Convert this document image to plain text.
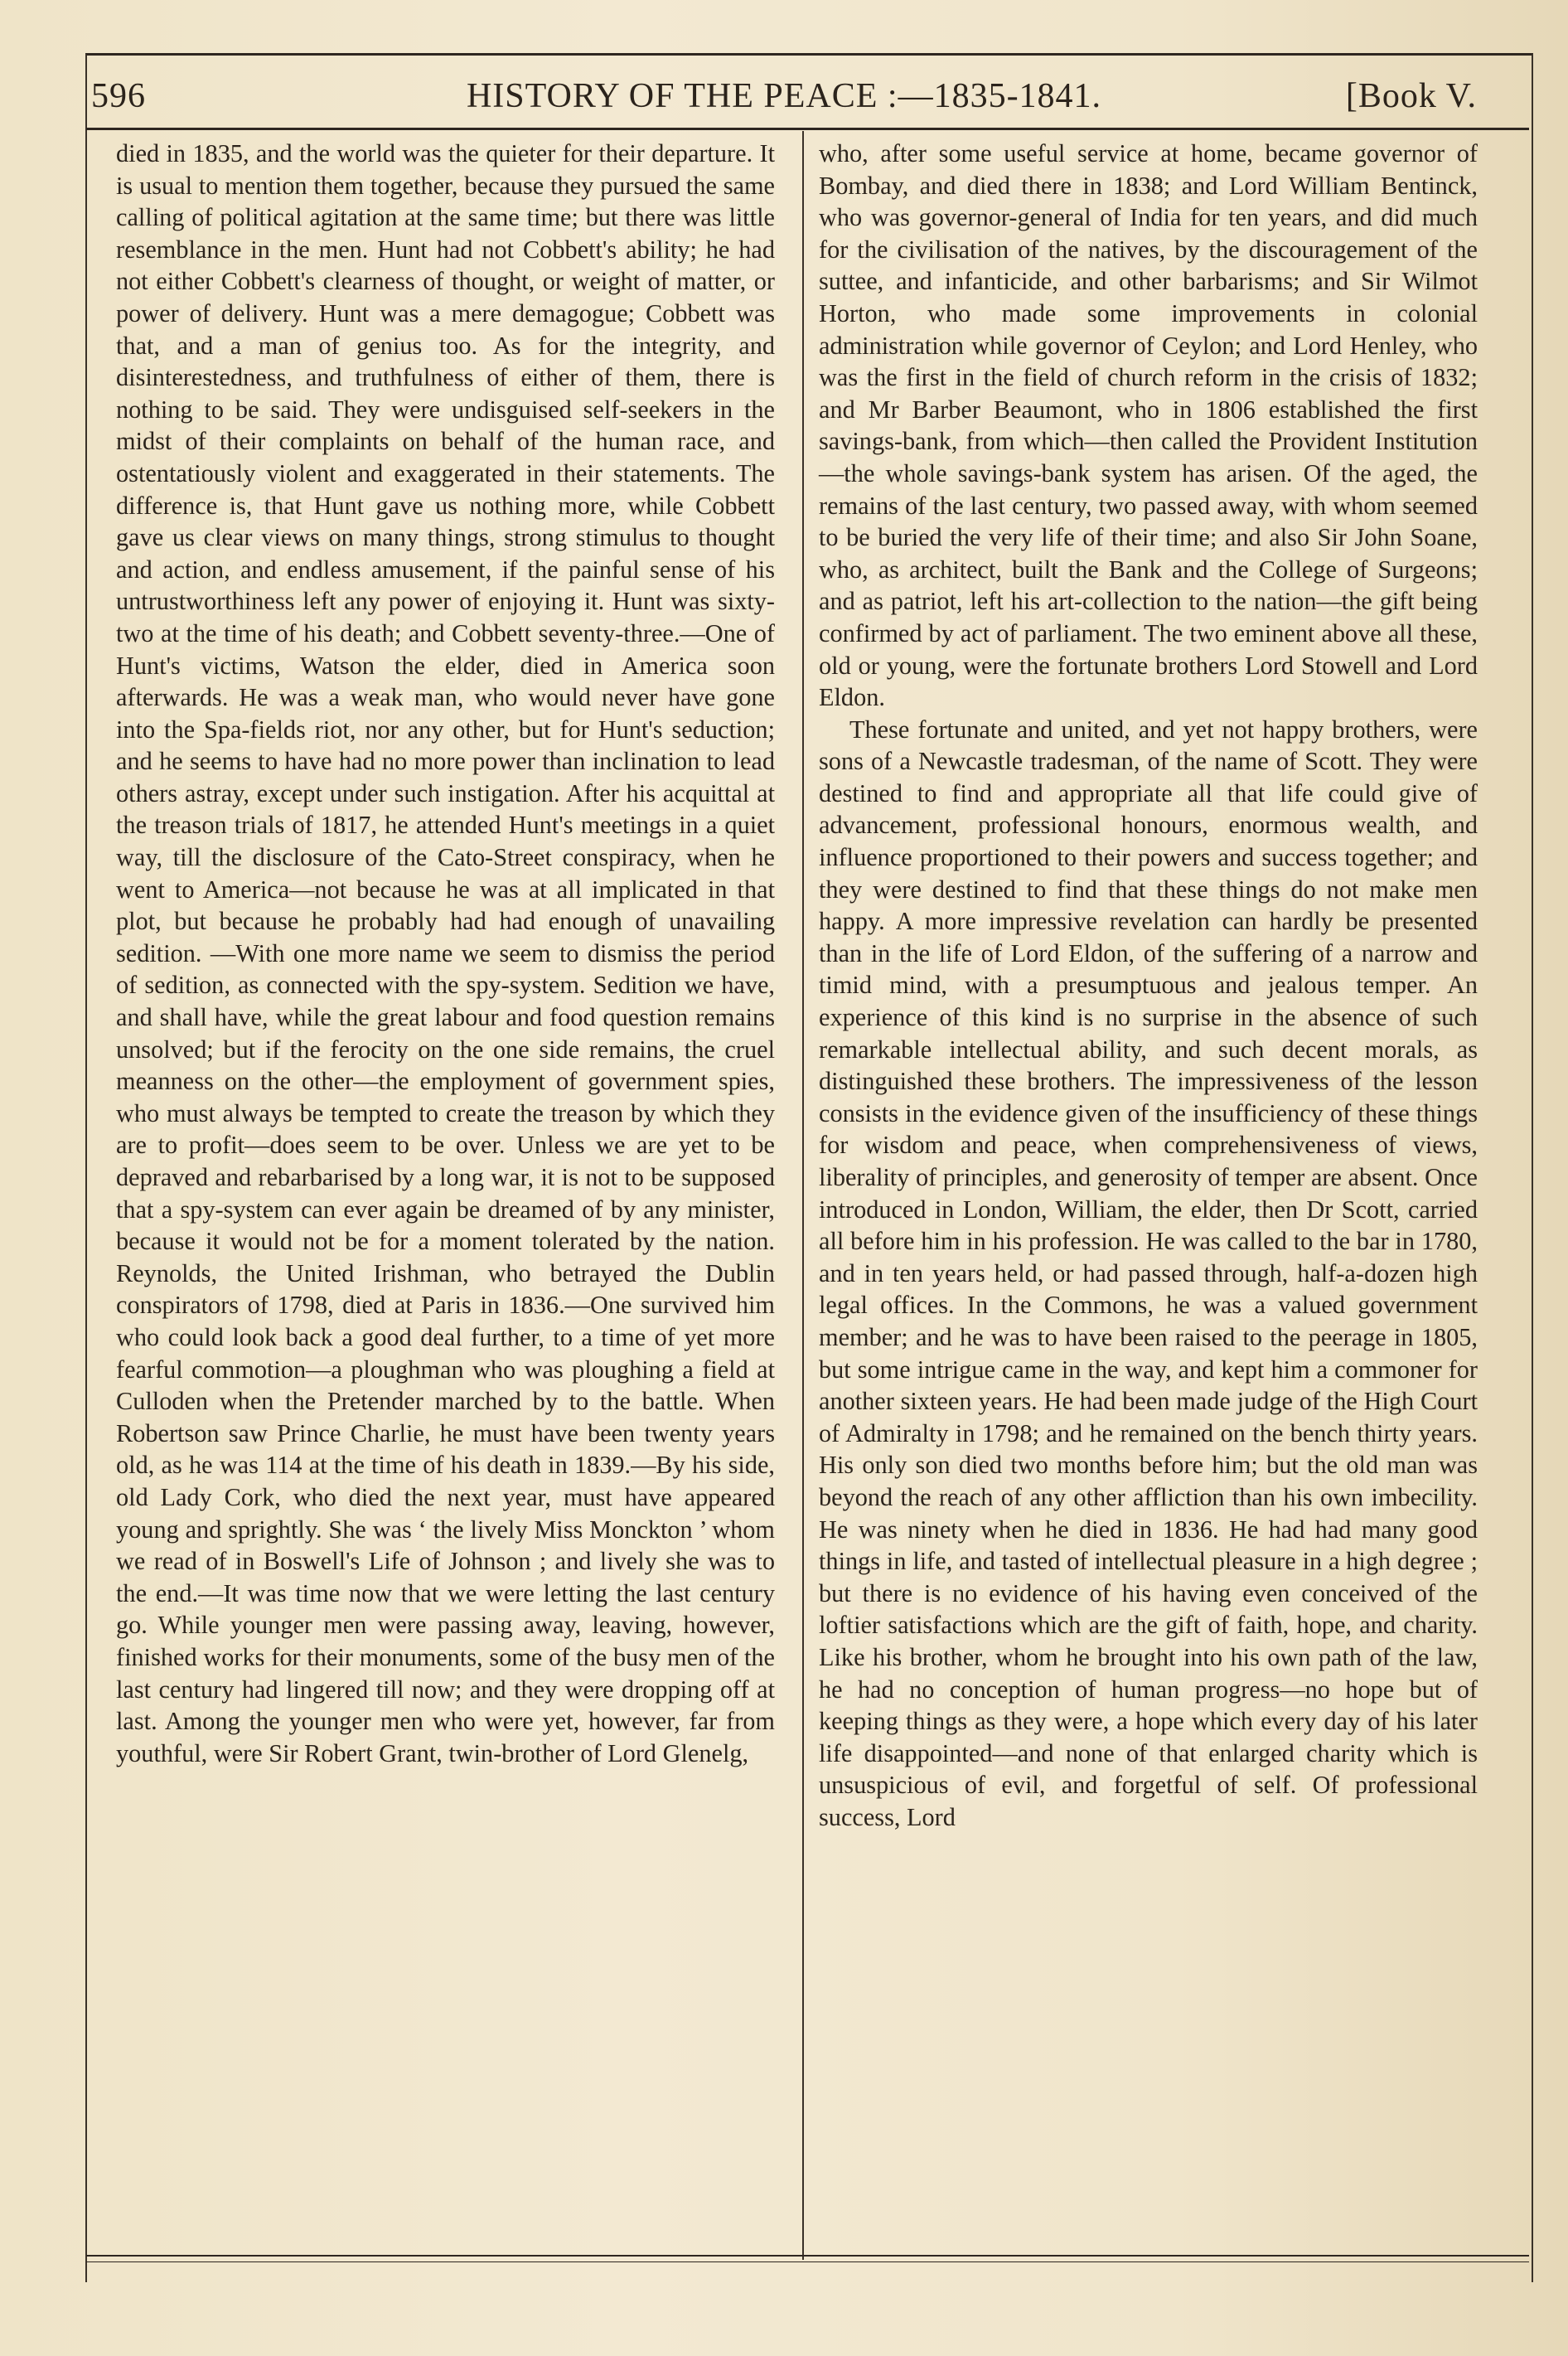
596	HISTORY OF THE PEACE :—1835-1841.	[Book V.

died in 1835, and the world was the quieter for their departure. It is usual to mention them together, because they pursued the same calling of political agitation at the same time; but there was little resemblance in the men. Hunt had not Cobbett's ability; he had not either Cobbett's clearness of thought, or weight of matter, or power of delivery. Hunt was a mere demagogue; Cobbett was that, and a man of genius too. As for the integrity, and disinterestedness, and truthfulness of either of them, there is nothing to be said. They were undisguised self-seekers in the midst of their complaints on behalf of the human race, and ostentatiously violent and exaggerated in their statements. The difference is, that Hunt gave us nothing more, while Cobbett gave us clear views on many things, strong stimulus to thought and action, and endless amusement, if the painful sense of his untrustworthiness left any power of enjoying it. Hunt was sixty-two at the time of his death; and Cobbett seventy-three.—One of Hunt's victims, Watson the elder, died in America soon afterwards. He was a weak man, who would never have gone into the Spa-fields riot, nor any other, but for Hunt's seduction; and he seems to have had no more power than inclination to lead others astray, except under such instigation. After his acquittal at the treason trials of 1817, he attended Hunt's meetings in a quiet way, till the disclosure of the Cato-Street conspiracy, when he went to America—not because he was at all implicated in that plot, but because he probably had had enough of unavailing sedition. —With one more name we seem to dismiss the period of sedition, as connected with the spy-system. Sedition we have, and shall have, while the great labour and food question remains unsolved; but if the ferocity on the one side remains, the cruel meanness on the other—the employment of government spies, who must always be tempted to create the treason by which they are to profit—does seem to be over. Unless we are yet to be depraved and rebarbarised by a long war, it is not to be supposed that a spy-system can ever again be dreamed of by any minister, because it would not be for a moment tolerated by the nation. Reynolds, the United Irishman, who betrayed the Dublin conspirators of 1798, died at Paris in 1836.—One survived him who could look back a good deal further, to a time of yet more fearful commotion—a ploughman who was ploughing a field at Culloden when the Pretender marched by to the battle. When Robertson saw Prince Charlie, he must have been twenty years old, as he was 114 at the time of his death in 1839.—By his side, old Lady Cork, who died the next year, must have appeared young and sprightly. She was ‘ the lively Miss Monckton ’ whom we read of in Boswell's Life of Johnson ; and lively she was to the end.—It was time now that we were letting the last century go. While younger men were passing away, leaving, however, finished works for their monuments, some of the busy men of the last century had lingered till now; and they were dropping off at last. Among the younger men who were yet, however, far from youthful, were Sir Robert Grant, twin-brother of Lord Glenelg,

who, after some useful service at home, became governor of Bombay, and died there in 1838; and Lord William Bentinck, who was governor-general of India for ten years, and did much for the civilisation of the natives, by the discouragement of the suttee, and infanticide, and other barbarisms; and Sir Wilmot Horton, who made some improvements in colonial administration while governor of Ceylon; and Lord Henley, who was the first in the field of church reform in the crisis of 1832; and Mr Barber Beaumont, who in 1806 established the first savings-bank, from which—then called the Provident Institution—the whole savings-bank system has arisen. Of the aged, the remains of the last century, two passed away, with whom seemed to be buried the very life of their time; and also Sir John Soane, who, as architect, built the Bank and the College of Surgeons; and as patriot, left his art-collection to the nation—the gift being confirmed by act of parliament. The two eminent above all these, old or young, were the fortunate brothers Lord Stowell and Lord Eldon.

These fortunate and united, and yet not happy brothers, were sons of a Newcastle tradesman, of the name of Scott. They were destined to find and appropriate all that life could give of advancement, professional honours, enormous wealth, and influence proportioned to their powers and success together; and they were destined to find that these things do not make men happy. A more impressive revelation can hardly be presented than in the life of Lord Eldon, of the suffering of a narrow and timid mind, with a presumptuous and jealous temper. An experience of this kind is no surprise in the absence of such remarkable intellectual ability, and such decent morals, as distinguished these brothers. The impressiveness of the lesson consists in the evidence given of the insufficiency of these things for wisdom and peace, when comprehensiveness of views, liberality of principles, and generosity of temper are absent. Once introduced in London, William, the elder, then Dr Scott, carried all before him in his profession. He was called to the bar in 1780, and in ten years held, or had passed through, half-a-dozen high legal offices. In the Commons, he was a valued government member; and he was to have been raised to the peerage in 1805, but some intrigue came in the way, and kept him a commoner for another sixteen years. He had been made judge of the High Court of Admiralty in 1798; and he remained on the bench thirty years. His only son died two months before him; but the old man was beyond the reach of any other affliction than his own imbecility. He was ninety when he died in 1836. He had had many good things in life, and tasted of intellectual pleasure in a high degree ; but there is no evidence of his having even conceived of the loftier satisfactions which are the gift of faith, hope, and charity. Like his brother, whom he brought into his own path of the law, he had no conception of human progress—no hope but of keeping things as they were, a hope which every day of his later life disappointed—and none of that enlarged charity which is unsuspicious of evil, and forgetful of self. Of professional success, Lord
